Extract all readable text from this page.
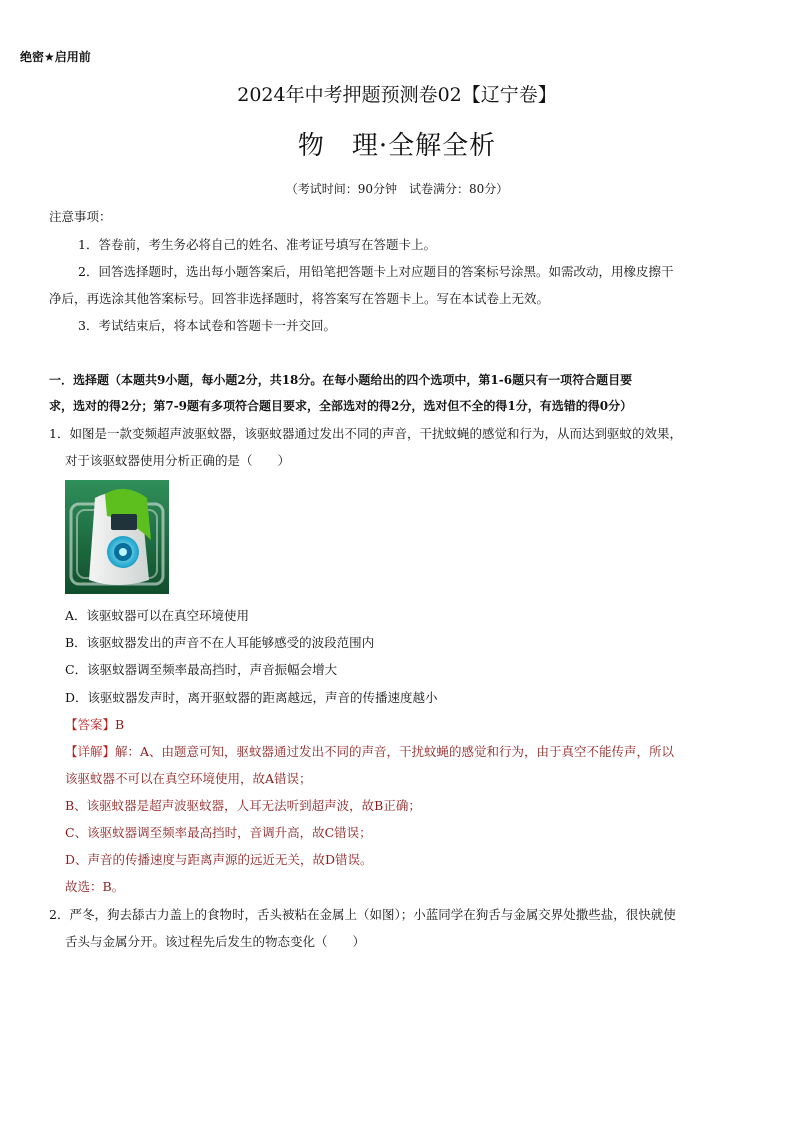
绝密★启用前
2024年中考押题预测卷02【辽宁卷】
物　理·全解全析
（考试时间：90分钟　试卷满分：80分）
注意事项：
1．答卷前，考生务必将自己的姓名、准考证号填写在答题卡上。
2．回答选择题时，选出每小题答案后，用铅笔把答题卡上对应题目的答案标号涂黑。如需改动，用橡皮擦干
净后，再选涂其他答案标号。回答非选择题时，将答案写在答题卡上。写在本试卷上无效。
3．考试结束后，将本试卷和答题卡一并交回。
一．选择题（本题共9小题，每小题2分，共18分。在每小题给出的四个选项中，第1-6题只有一项符合题目要
求，选对的得2分；第7-9题有多项符合题目要求，全部选对的得2分，选对但不全的得1分，有选错的得0分）
1．如图是一款变频超声波驱蚊器，该驱蚊器通过发出不同的声音，干扰蚊蝇的感觉和行为，从而达到驱蚊的效果，
对于该驱蚊器使用分析正确的是（　　）
A．该驱蚊器可以在真空环境使用
B．该驱蚊器发出的声音不在人耳能够感受的波段范围内
C．该驱蚊器调至频率最高挡时，声音振幅会增大
D．该驱蚊器发声时，离开驱蚊器的距离越远，声音的传播速度越小
【答案】B
【详解】解：A、由题意可知，驱蚊器通过发出不同的声音，干扰蚊蝇的感觉和行为，由于真空不能传声，所以
该驱蚊器不可以在真空环境使用，故A错误；
B、该驱蚊器是超声波驱蚊器，人耳无法听到超声波，故B正确；
C、该驱蚊器调至频率最高挡时，音调升高，故C错误；
D、声音的传播速度与距离声源的远近无关，故D错误。
故选：B。
2．严冬，狗去舔古力盖上的食物时，舌头被粘在金属上（如图）；小蓝同学在狗舌与金属交界处撒些盐，很快就使
舌头与金属分开。该过程先后发生的物态变化（　　）
